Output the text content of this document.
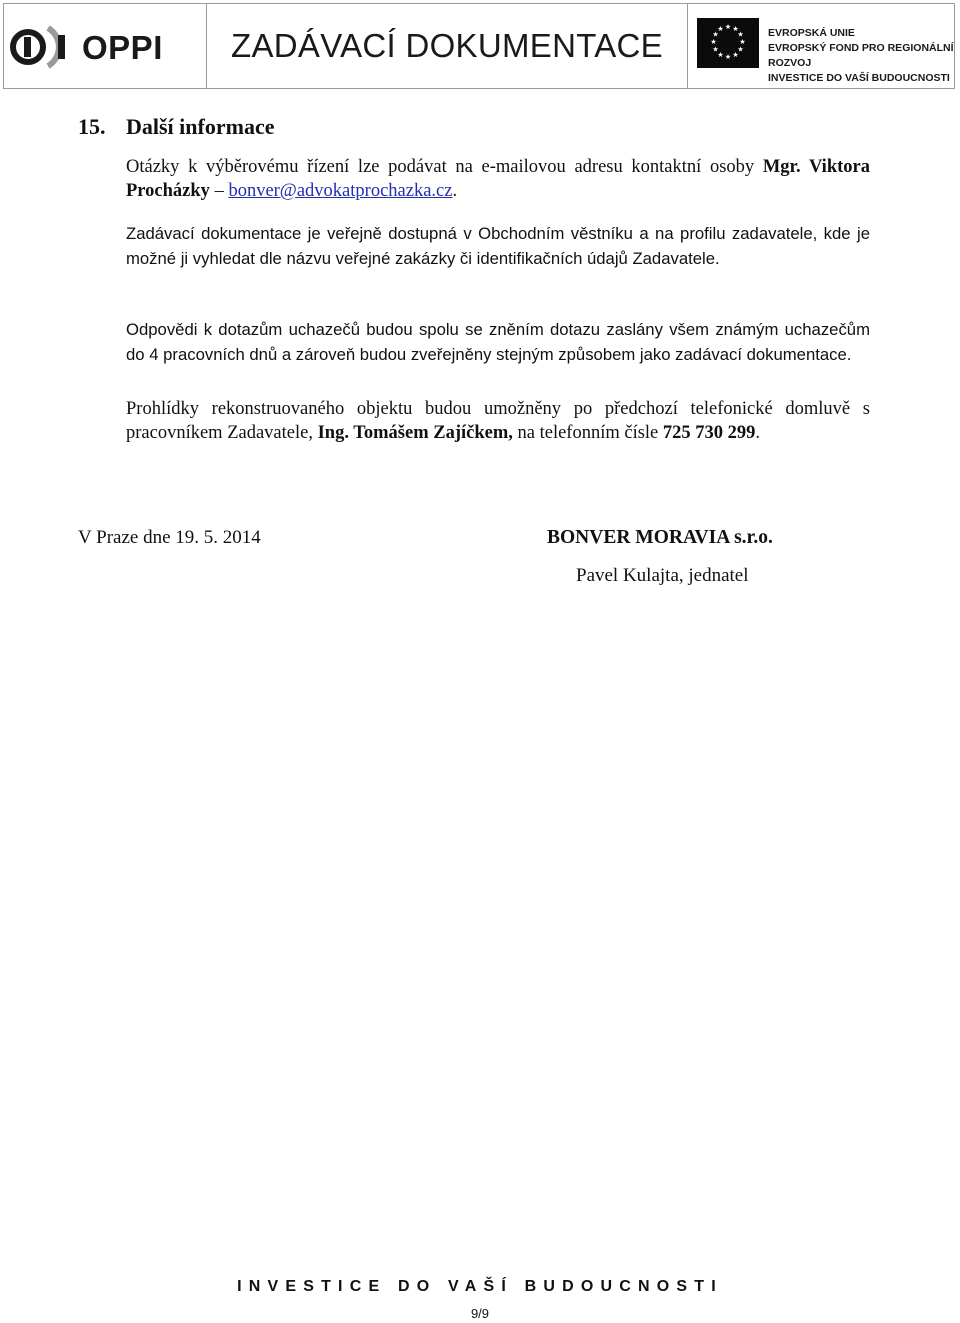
OPPI ZADÁVACÍ DOKUMENTACE	★ ★
★
★
★
★
★
★
★
★
★
★	EVROPSKÁ UNIE
EVROPSKÝ FOND PRO REGIONÁLNÍ ROZVOJ
INVESTICE DO VAŠÍ BUDOUCNOSTI
15. Další informace

Otázky k výběrovému řízení lze podávat na e-mailovou adresu kontaktní osoby Mgr. Viktora Procházky – bonver@advokatprochazka.cz.

Zadávací dokumentace je veřejně dostupná v Obchodním věstníku a na profilu zadavatele, kde je možné ji vyhledat dle názvu veřejné zakázky či identifikačních údajů Zadavatele.

Odpovědi k dotazům uchazečů budou spolu se zněním dotazu zaslány všem známým uchazečům do 4 pracovních dnů a zároveň budou zveřejněny stejným způsobem jako zadávací dokumentace.

Prohlídky rekonstruovaného objektu budou umožněny po předchozí telefonické domluvě s pracovníkem Zadavatele, Ing. Tomášem Zajíčkem, na telefonním čísle 725 730 299.

V Praze dne 19. 5. 2014	BONVER MORAVIA s.r.o.
Pavel Kulajta, jednatel
INVESTICE DO VAŠÍ BUDOUCNOSTI
9/9
